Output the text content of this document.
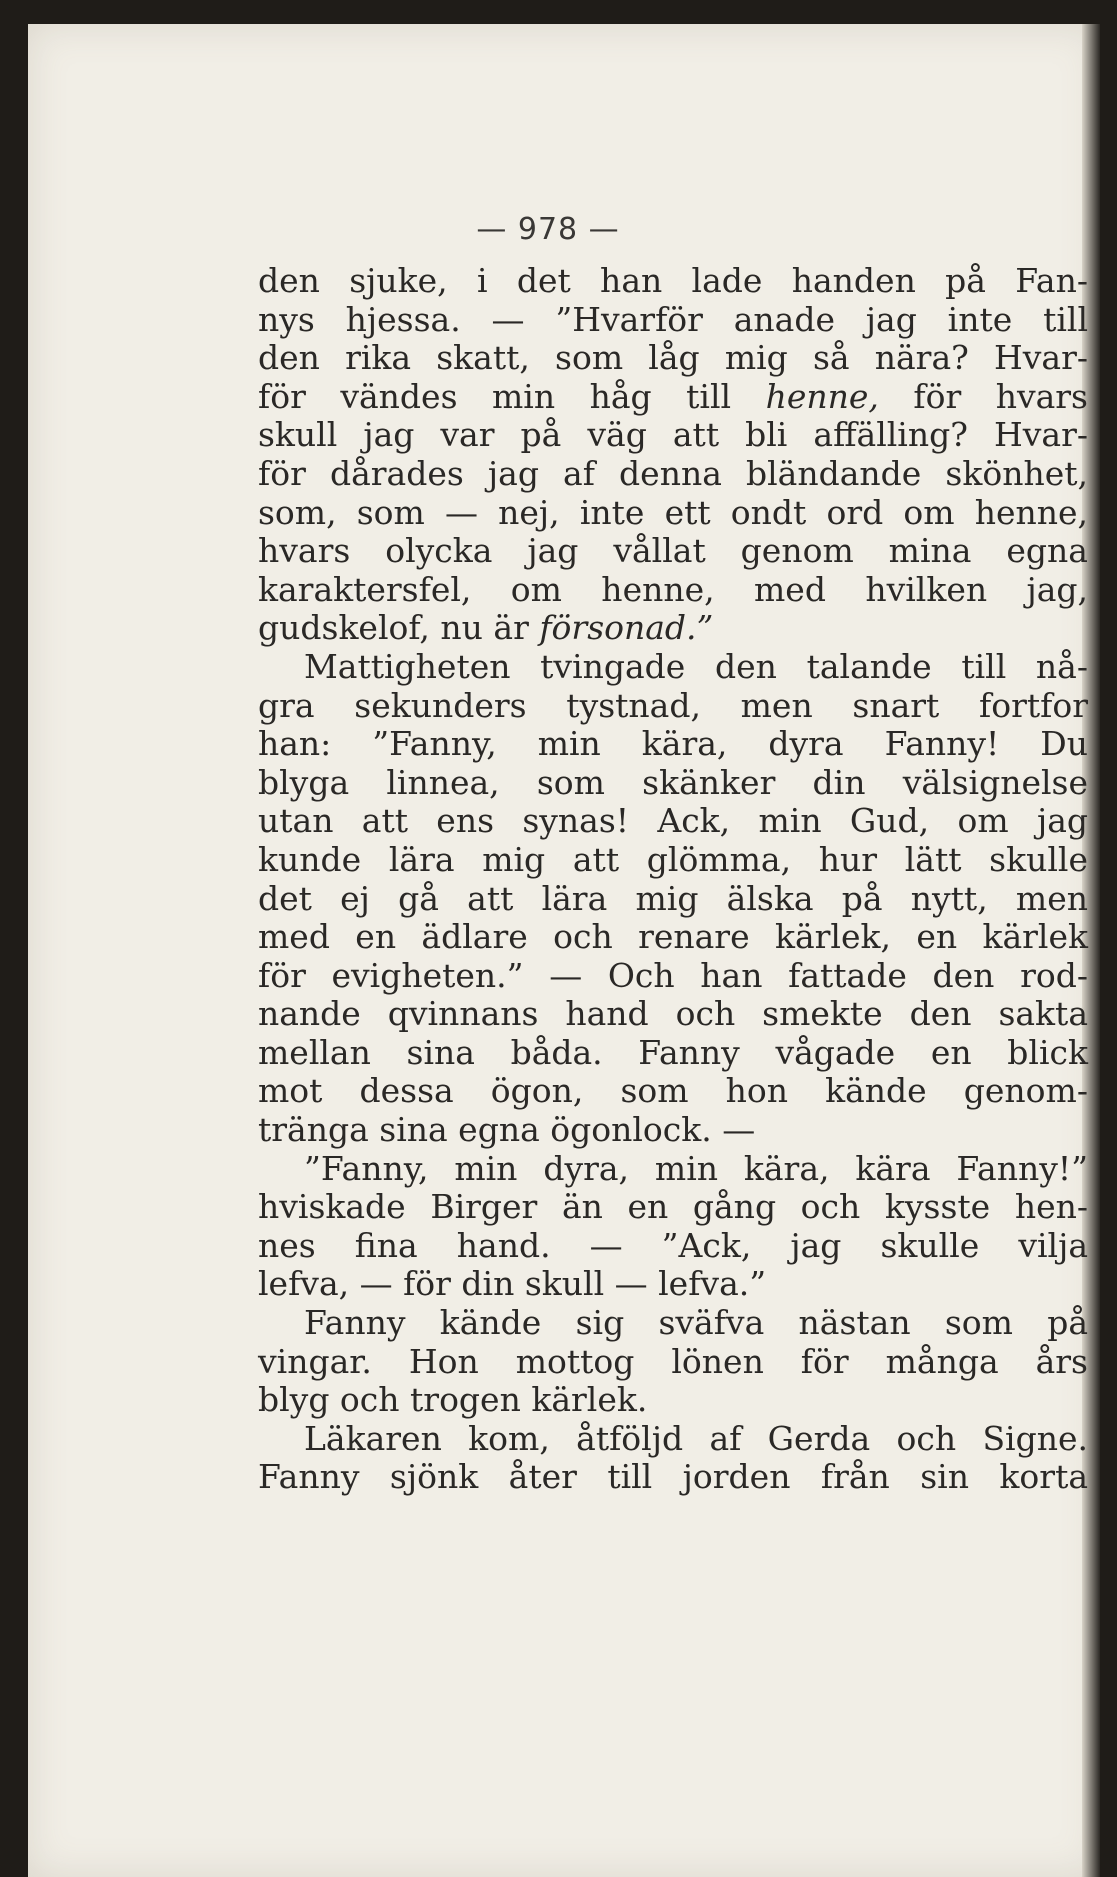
— 978 —
den sjuke, i det han lade handen på Fan-
nys hjessa. — ”Hvarför anade jag inte till
den rika skatt, som låg mig så nära? Hvar-
för vändes min håg till henne, för hvars
skull jag var på väg att bli affälling? Hvar-
för dårades jag af denna bländande skönhet,
som, som — nej, inte ett ondt ord om henne,
hvars olycka jag vållat genom mina egna
karaktersfel, om henne, med hvilken jag,
gudskelof, nu är försonad.”
Mattigheten tvingade den talande till nå-
gra sekunders tystnad, men snart fortfor
han: ”Fanny, min kära, dyra Fanny! Du
blyga linnea, som skänker din välsignelse
utan att ens synas! Ack, min Gud, om jag
kunde lära mig att glömma, hur lätt skulle
det ej gå att lära mig älska på nytt, men
med en ädlare och renare kärlek, en kärlek
för evigheten.” — Och han fattade den rod-
nande qvinnans hand och smekte den sakta
mellan sina båda. Fanny vågade en blick
mot dessa ögon, som hon kände genom-
tränga sina egna ögonlock. —
”Fanny, min dyra, min kära, kära Fanny!”
hviskade Birger än en gång och kysste hen-
nes fina hand. — ”Ack, jag skulle vilja
lefva, — för din skull — lefva.”
Fanny kände sig sväfva nästan som på
vingar. Hon mottog lönen för många års
blyg och trogen kärlek.
Läkaren kom, åtföljd af Gerda och Signe.
Fanny sjönk åter till jorden från sin korta
